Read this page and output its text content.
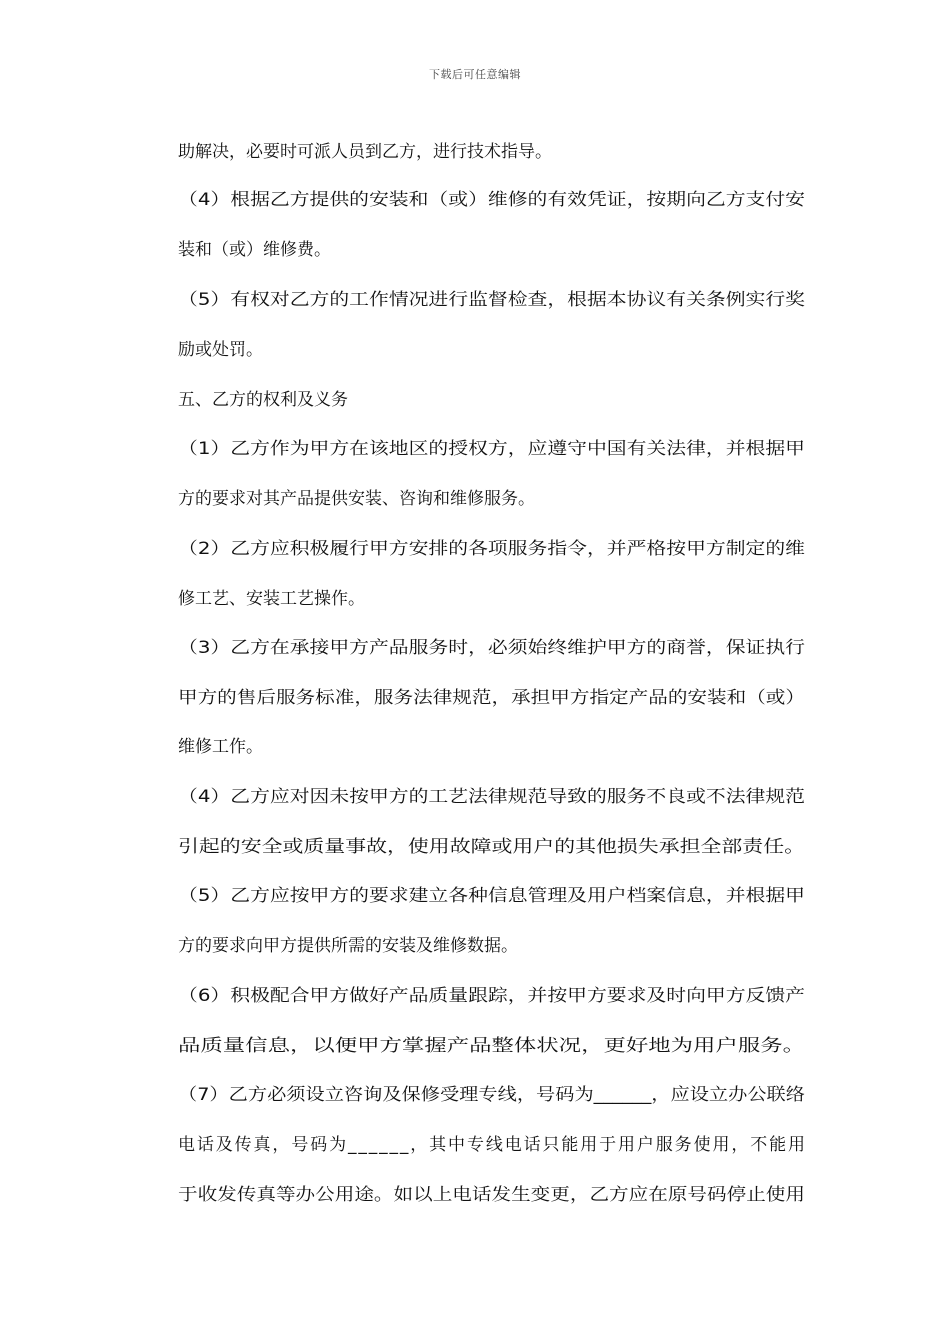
下载后可任意编辑
助解决，必要时可派人员到乙方，进行技术指导。
（4）根据乙方提供的安装和（或）维修的有效凭证，按期向乙方支付安
装和（或）维修费。
（5）有权对乙方的工作情况进行监督检查，根据本协议有关条例实行奖
励或处罚。
五、乙方的权利及义务
（1）乙方作为甲方在该地区的授权方，应遵守中国有关法律，并根据甲
方的要求对其产品提供安装、咨询和维修服务。
（2）乙方应积极履行甲方安排的各项服务指令，并严格按甲方制定的维
修工艺、安装工艺操作。
（3）乙方在承接甲方产品服务时，必须始终维护甲方的商誉，保证执行
甲方的售后服务标准，服务法律规范，承担甲方指定产品的安装和（或）
维修工作。
（4）乙方应对因未按甲方的工艺法律规范导致的服务不良或不法律规范
引起的安全或质量事故，使用故障或用户的其他损失承担全部责任。
（5）乙方应按甲方的要求建立各种信息管理及用户档案信息，并根据甲
方的要求向甲方提供所需的安装及维修数据。
（6）积极配合甲方做好产品质量跟踪，并按甲方要求及时向甲方反馈产
品质量信息，以便甲方掌握产品整体状况，更好地为用户服务。
（7）乙方必须设立咨询及保修受理专线，号码为______，应设立办公联络
电话及传真，号码为______，其中专线电话只能用于用户服务使用，不能用
于收发传真等办公用途。如以上电话发生变更，乙方应在原号码停止使用
